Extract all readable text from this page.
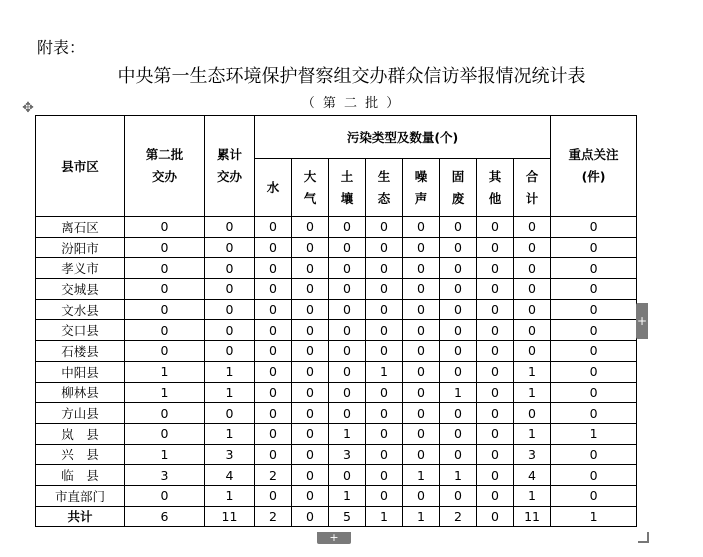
附表：
中央第一生态环境保护督察组交办群众信访举报情况统计表
（ 第 二 批 ）
✥
县市区	第二批交办	累计交办	污染类型及数量(个)								重点关注(件)
			水	大气	土壤	生态	噪声	固废	其他	合计	
离石区	0	0	0	0	0	0	0	0	0	0	0
汾阳市	0	0	0	0	0	0	0	0	0	0	0
孝义市	0	0	0	0	0	0	0	0	0	0	0
交城县	0	0	0	0	0	0	0	0	0	0	0
文水县	0	0	0	0	0	0	0	0	0	0	0
交口县	0	0	0	0	0	0	0	0	0	0	0
石楼县	0	0	0	0	0	0	0	0	0	0	0
中阳县	1	1	0	0	0	1	0	0	0	1	0
柳林县	1	1	0	0	0	0	0	1	0	1	0
方山县	0	0	0	0	0	0	0	0	0	0	0
岚　县	0	1	0	0	1	0	0	0	0	1	1
兴　县	1	3	0	0	3	0	0	0	0	3	0
临　县	3	4	2	0	0	0	1	1	0	4	0
市直部门	0	1	0	0	1	0	0	0	0	1	0
共计	6	11	2	0	5	1	1	2	0	11	1
+
+
